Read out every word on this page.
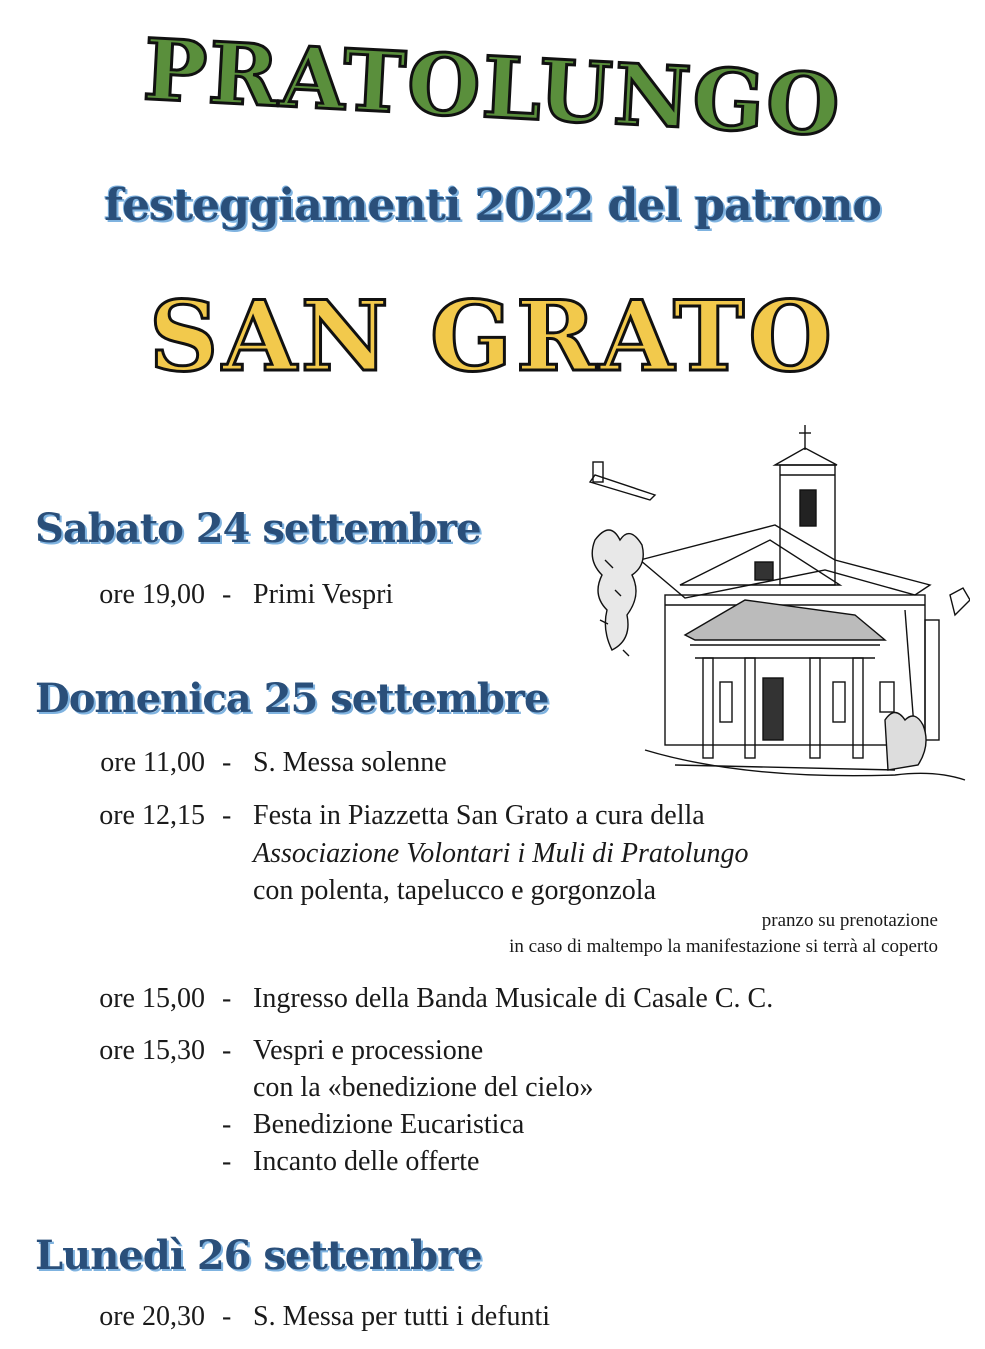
PRATOLUNGO
festeggiamenti 2022 del patrono
SAN GRATO
Sabato 24 settembre
ore 19,00 - Primi Vespri
Domenica 25 settembre
ore 11,00 - S. Messa solenne
ore 12,15 - Festa in Piazzetta San Grato a cura della
Associazione Volontari i Muli di Pratolungo
con polenta, tapelucco e gorgonzola
pranzo su prenotazione
in caso di maltempo la manifestazione si terrà al coperto
ore 15,00 - Ingresso della Banda Musicale di Casale C. C.
ore 15,30 - Vespri e processione
con la «benedizione del cielo»
- Benedizione Eucaristica
- Incanto delle offerte
Lunedì 26 settembre
ore 20,30 - S. Messa per tutti i defunti
